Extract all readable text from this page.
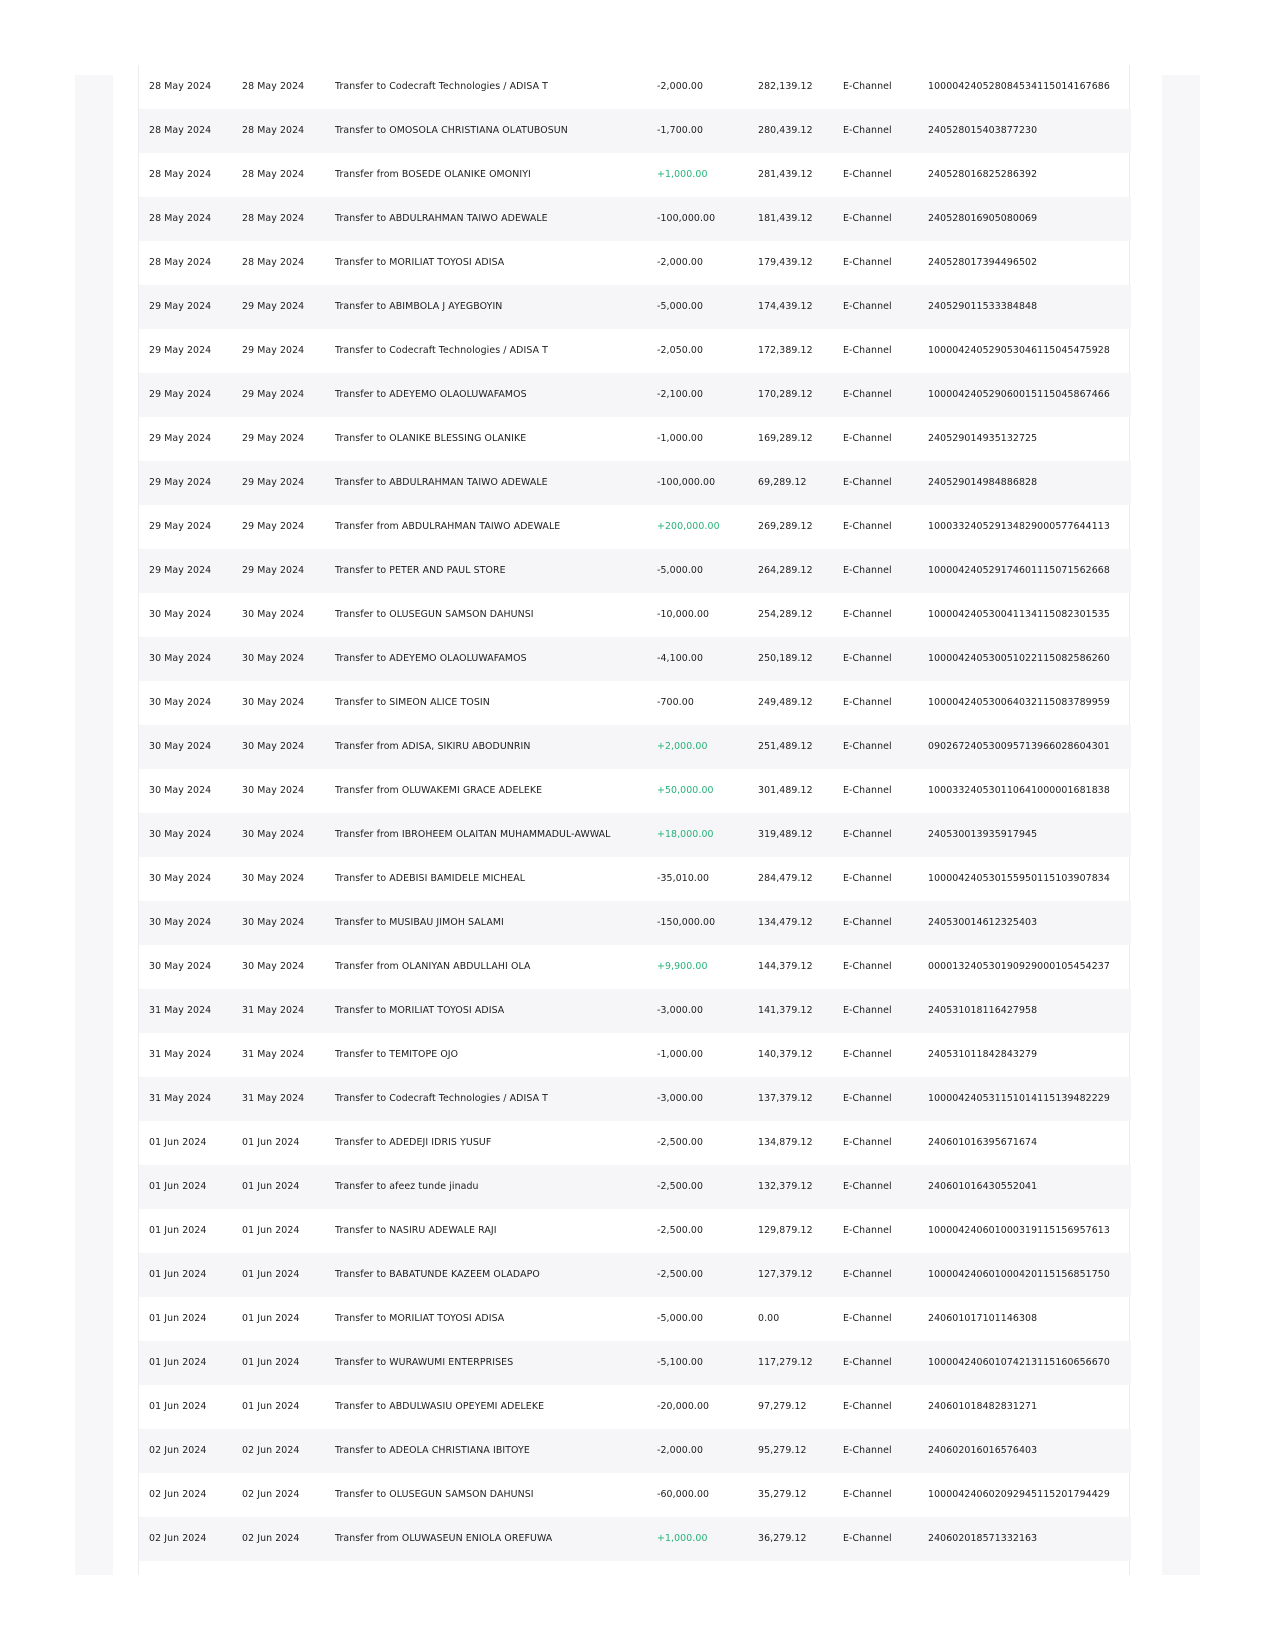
28 May 2024	28 May 2024	Transfer to Codecraft Technologies / ADISA T	-2,000.00	282,139.12	E-Channel	100004240528084534115014167686
28 May 2024	28 May 2024	Transfer to OMOSOLA CHRISTIANA OLATUBOSUN	-1,700.00	280,439.12	E-Channel	240528015403877230
28 May 2024	28 May 2024	Transfer from BOSEDE OLANIKE OMONIYI	+1,000.00	281,439.12	E-Channel	240528016825286392
28 May 2024	28 May 2024	Transfer to ABDULRAHMAN TAIWO ADEWALE	-100,000.00	181,439.12	E-Channel	240528016905080069
28 May 2024	28 May 2024	Transfer to MORILIAT TOYOSI ADISA	-2,000.00	179,439.12	E-Channel	240528017394496502
29 May 2024	29 May 2024	Transfer to ABIMBOLA J AYEGBOYIN	-5,000.00	174,439.12	E-Channel	240529011533384848
29 May 2024	29 May 2024	Transfer to Codecraft Technologies / ADISA T	-2,050.00	172,389.12	E-Channel	100004240529053046115045475928
29 May 2024	29 May 2024	Transfer to ADEYEMO OLAOLUWAFAMOS	-2,100.00	170,289.12	E-Channel	100004240529060015115045867466
29 May 2024	29 May 2024	Transfer to OLANIKE BLESSING OLANIKE	-1,000.00	169,289.12	E-Channel	240529014935132725
29 May 2024	29 May 2024	Transfer to ABDULRAHMAN TAIWO ADEWALE	-100,000.00	69,289.12	E-Channel	240529014984886828
29 May 2024	29 May 2024	Transfer from ABDULRAHMAN TAIWO ADEWALE	+200,000.00	269,289.12	E-Channel	100033240529134829000577644113
29 May 2024	29 May 2024	Transfer to PETER AND PAUL STORE	-5,000.00	264,289.12	E-Channel	100004240529174601115071562668
30 May 2024	30 May 2024	Transfer to OLUSEGUN SAMSON DAHUNSI	-10,000.00	254,289.12	E-Channel	100004240530041134115082301535
30 May 2024	30 May 2024	Transfer to ADEYEMO OLAOLUWAFAMOS	-4,100.00	250,189.12	E-Channel	100004240530051022115082586260
30 May 2024	30 May 2024	Transfer to SIMEON ALICE TOSIN	-700.00	249,489.12	E-Channel	100004240530064032115083789959
30 May 2024	30 May 2024	Transfer from ADISA, SIKIRU ABODUNRIN	+2,000.00	251,489.12	E-Channel	090267240530095713966028604301
30 May 2024	30 May 2024	Transfer from OLUWAKEMI GRACE ADELEKE	+50,000.00	301,489.12	E-Channel	100033240530110641000001681838
30 May 2024	30 May 2024	Transfer from IBROHEEM OLAITAN MUHAMMADUL-AWWAL	+18,000.00	319,489.12	E-Channel	240530013935917945
30 May 2024	30 May 2024	Transfer to ADEBISI BAMIDELE MICHEAL	-35,010.00	284,479.12	E-Channel	100004240530155950115103907834
30 May 2024	30 May 2024	Transfer to MUSIBAU JIMOH SALAMI	-150,000.00	134,479.12	E-Channel	240530014612325403
30 May 2024	30 May 2024	Transfer from OLANIYAN ABDULLAHI OLA	+9,900.00	144,379.12	E-Channel	000013240530190929000105454237
31 May 2024	31 May 2024	Transfer to MORILIAT TOYOSI ADISA	-3,000.00	141,379.12	E-Channel	240531018116427958
31 May 2024	31 May 2024	Transfer to TEMITOPE OJO	-1,000.00	140,379.12	E-Channel	240531011842843279
31 May 2024	31 May 2024	Transfer to Codecraft Technologies / ADISA T	-3,000.00	137,379.12	E-Channel	100004240531151014115139482229
01 Jun 2024	01 Jun 2024	Transfer to ADEDEJI IDRIS YUSUF	-2,500.00	134,879.12	E-Channel	240601016395671674
01 Jun 2024	01 Jun 2024	Transfer to afeez tunde jinadu	-2,500.00	132,379.12	E-Channel	240601016430552041
01 Jun 2024	01 Jun 2024	Transfer to NASIRU ADEWALE RAJI	-2,500.00	129,879.12	E-Channel	100004240601000319115156957613
01 Jun 2024	01 Jun 2024	Transfer to BABATUNDE KAZEEM OLADAPO	-2,500.00	127,379.12	E-Channel	100004240601000420115156851750
01 Jun 2024	01 Jun 2024	Transfer to MORILIAT TOYOSI ADISA	-5,000.00	0.00	E-Channel	240601017101146308
01 Jun 2024	01 Jun 2024	Transfer to WURAWUMI ENTERPRISES	-5,100.00	117,279.12	E-Channel	100004240601074213115160656670
01 Jun 2024	01 Jun 2024	Transfer to ABDULWASIU OPEYEMI ADELEKE	-20,000.00	97,279.12	E-Channel	240601018482831271
02 Jun 2024	02 Jun 2024	Transfer to ADEOLA CHRISTIANA IBITOYE	-2,000.00	95,279.12	E-Channel	240602016016576403
02 Jun 2024	02 Jun 2024	Transfer to OLUSEGUN SAMSON DAHUNSI	-60,000.00	35,279.12	E-Channel	100004240602092945115201794429
02 Jun 2024	02 Jun 2024	Transfer from OLUWASEUN ENIOLA OREFUWA	+1,000.00	36,279.12	E-Channel	240602018571332163
